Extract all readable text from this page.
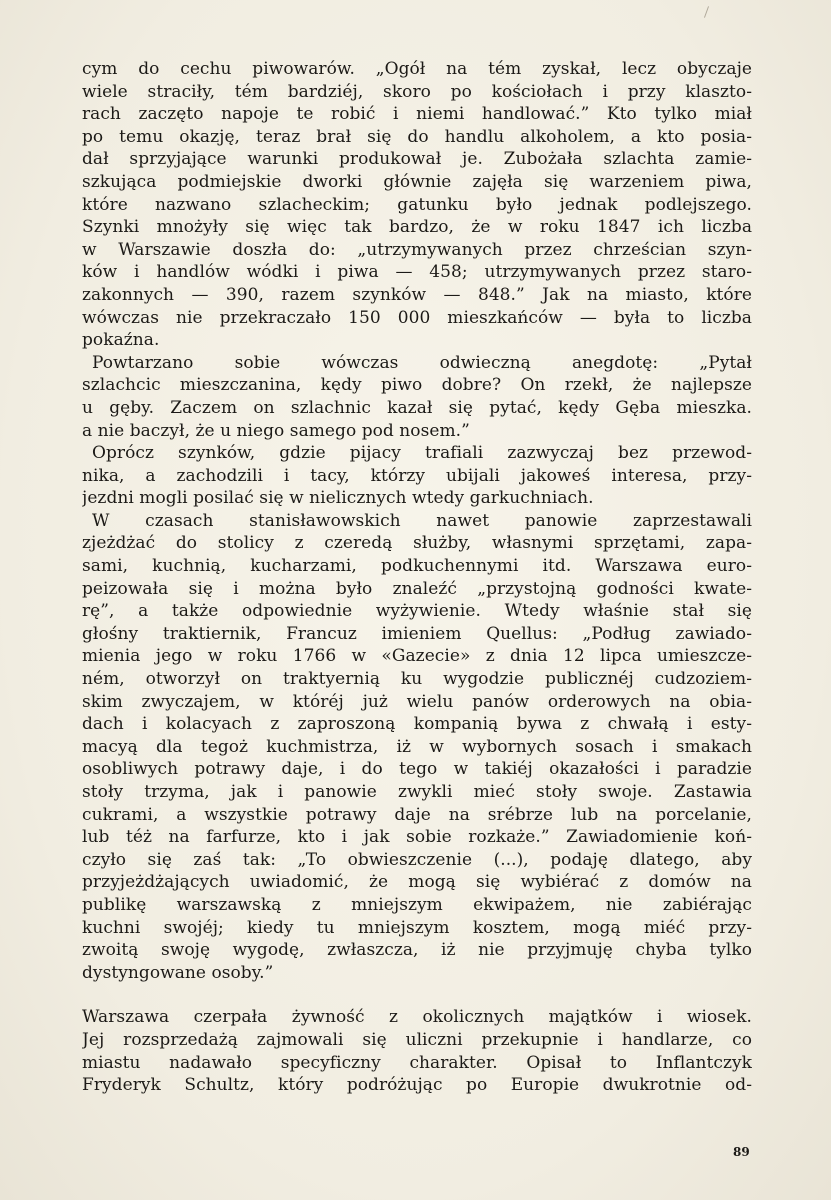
cym do cechu piwowarów. „Ogół na tém zyskał, lecz obyczaje
wiele straciły, tém bardziéj, skoro po kościołach i przy klaszto-
rach zaczęto napoje te robić i niemi handlować.” Kto tylko miał
po temu okazję, teraz brał się do handlu alkoholem, a kto posia-
dał sprzyjające warunki produkował je. Zubożała szlachta zamie-
szkująca podmiejskie dworki głównie zajęła się warzeniem piwa,
które nazwano szlacheckim; gatunku było jednak podlejszego.
Szynki mnożyły się więc tak bardzo, że w roku 1847 ich liczba
w Warszawie doszła do: „utrzymywanych przez chrześcian szyn-
ków i handlów wódki i piwa — 458; utrzymywanych przez staro-
zakonnych — 390, razem szynków — 848.” Jak na miasto, które
wówczas nie przekraczało 150 000 mieszkańców — była to liczba
pokaźna.
Powtarzano sobie wówczas odwieczną anegdotę: „Pytał
szlachcic mieszczanina, kędy piwo dobre? On rzekł, że najlepsze
u gęby. Zaczem on szlachnic kazał się pytać, kędy Gęba mieszka.
a nie baczył, że u niego samego pod nosem.”
Oprócz szynków, gdzie pijacy trafiali zazwyczaj bez przewod-
nika, a zachodzili i tacy, którzy ubijali jakoweś interesa, przy-
jezdni mogli posilać się w nielicznych wtedy garkuchniach.
W czasach stanisławowskich nawet panowie zaprzestawali
zjeżdżać do stolicy z czeredą służby, własnymi sprzętami, zapa-
sami, kuchnią, kucharzami, podkuchennymi itd. Warszawa euro-
peizowała się i można było znaleźć „przystojną godności kwate-
rę”, a także odpowiednie wyżywienie. Wtedy właśnie stał się
głośny traktiernik, Francuz imieniem Quellus: „Podług zawiado-
mienia jego w roku 1766 w «Gazecie» z dnia 12 lipca umieszcze-
ném, otworzył on traktyernią ku wygodzie publicznéj cudzoziem-
skim zwyczajem, w któréj już wielu panów orderowych na obia-
dach i kolacyach z zaproszoną kompanią bywa z chwałą i esty-
macyą dla tegoż kuchmistrza, iż w wybornych sosach i smakach
osobliwych potrawy daje, i do tego w takiéj okazałości i paradzie
stoły trzyma, jak i panowie zwykli mieć stoły swoje. Zastawia
cukrami, a wszystkie potrawy daje na srébrze lub na porcelanie,
lub téż na farfurze, kto i jak sobie rozkaże.” Zawiadomienie koń-
czyło się zaś tak: „To obwieszczenie (...), podaję dlatego, aby
przyjeżdżających uwiadomić, że mogą się wybiérać z domów na
publikę warszawską z mniejszym ekwipażem, nie zabiérając
kuchni swojéj; kiedy tu mniejszym kosztem, mogą miéć przy-
zwoitą swoję wygodę, zwłaszcza, iż nie przyjmuję chyba tylko
dystyngowane osoby.”
Warszawa czerpała żywność z okolicznych majątków i wiosek.
Jej rozsprzedażą zajmowali się uliczni przekupnie i handlarze, co
miastu nadawało specyficzny charakter. Opisał to Inflantczyk
Fryderyk Schultz, który podróżując po Europie dwukrotnie od-
89
